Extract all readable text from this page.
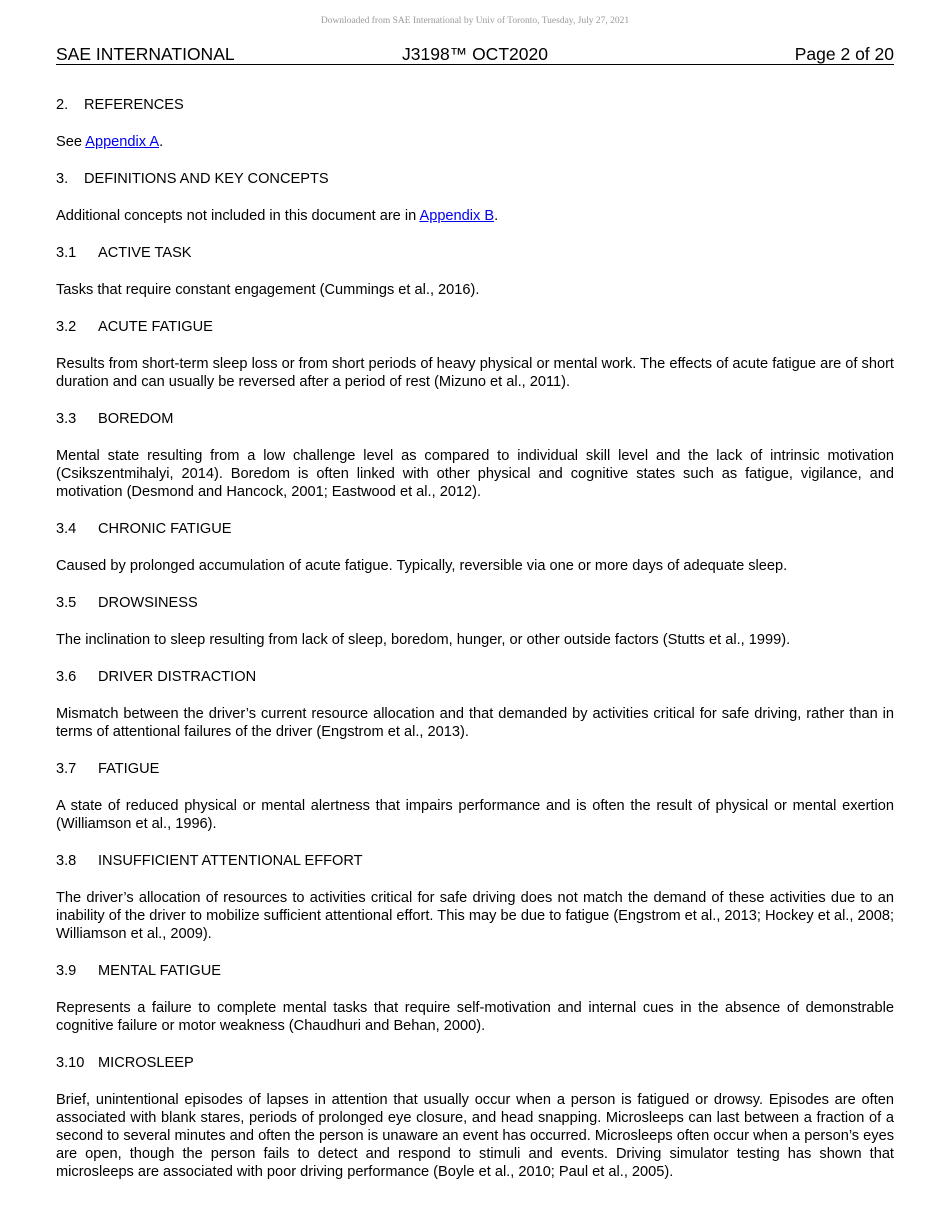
Downloaded from SAE International by Univ of Toronto, Tuesday, July 27, 2021
SAE INTERNATIONAL	J3198™ OCT2020	Page 2 of 20
2. REFERENCES
See Appendix A.
3. DEFINITIONS AND KEY CONCEPTS
Additional concepts not included in this document are in Appendix B.
3.1 ACTIVE TASK
Tasks that require constant engagement (Cummings et al., 2016).
3.2 ACUTE FATIGUE
Results from short-term sleep loss or from short periods of heavy physical or mental work. The effects of acute fatigue are of short duration and can usually be reversed after a period of rest (Mizuno et al., 2011).
3.3 BOREDOM
Mental state resulting from a low challenge level as compared to individual skill level and the lack of intrinsic motivation (Csikszentmihalyi, 2014). Boredom is often linked with other physical and cognitive states such as fatigue, vigilance, and motivation (Desmond and Hancock, 2001; Eastwood et al., 2012).
3.4 CHRONIC FATIGUE
Caused by prolonged accumulation of acute fatigue. Typically, reversible via one or more days of adequate sleep.
3.5 DROWSINESS
The inclination to sleep resulting from lack of sleep, boredom, hunger, or other outside factors (Stutts et al., 1999).
3.6 DRIVER DISTRACTION
Mismatch between the driver’s current resource allocation and that demanded by activities critical for safe driving, rather than in terms of attentional failures of the driver (Engstrom et al., 2013).
3.7 FATIGUE
A state of reduced physical or mental alertness that impairs performance and is often the result of physical or mental exertion (Williamson et al., 1996).
3.8 INSUFFICIENT ATTENTIONAL EFFORT
The driver’s allocation of resources to activities critical for safe driving does not match the demand of these activities due to an inability of the driver to mobilize sufficient attentional effort. This may be due to fatigue (Engstrom et al., 2013; Hockey et al., 2008; Williamson et al., 2009).
3.9 MENTAL FATIGUE
Represents a failure to complete mental tasks that require self-motivation and internal cues in the absence of demonstrable cognitive failure or motor weakness (Chaudhuri and Behan, 2000).
3.10 MICROSLEEP
Brief, unintentional episodes of lapses in attention that usually occur when a person is fatigued or drowsy. Episodes are often associated with blank stares, periods of prolonged eye closure, and head snapping. Microsleeps can last between a fraction of a second to several minutes and often the person is unaware an event has occurred. Microsleeps often occur when a person’s eyes are open, though the person fails to detect and respond to stimuli and events. Driving simulator testing has shown that microsleeps are associated with poor driving performance (Boyle et al., 2010; Paul et al., 2005).
